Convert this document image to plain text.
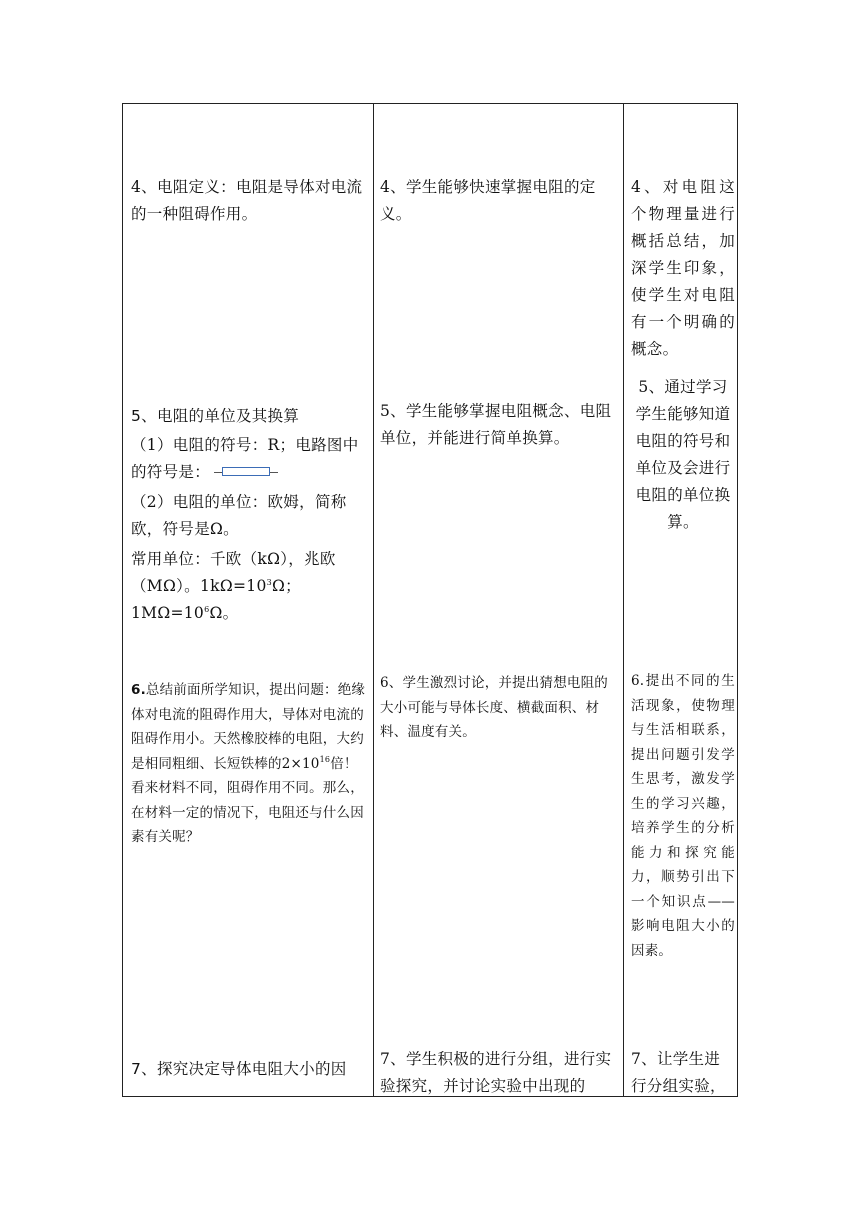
4、电阻定义：电阻是导体对电流的一种阻碍作用。

4、学生能够快速掌握电阻的定义。

4、对电阻这个物理量进行概括总结，加深学生印象，使学生对电阻有一个明确的概念。

5、电阻的单位及其换算

（1）电阻的符号：R；电路图中的符号是：

（2）电阻的单位：欧姆，简称欧，符号是Ω。

常用单位：千欧（kΩ），兆欧（MΩ）。$1k\Omega=10^3\Omega$；$1M\Omega=10^6\Omega$。

5、学生能够掌握电阻概念、电阻单位，并能进行简单换算。

5、通过学习学生能够知道电阻的符号和单位及会进行电阻的单位换算。

6.总结前面所学知识，提出问题：绝缘体对电流的阻碍作用大，导体对电流的阻碍作用小。天然橡胶棒的电阻，大约是相同粗细、长短铁棒的$2\times 10^{16}$倍！看来材料不同，阻碍作用不同。那么，在材料一定的情况下，电阻还与什么因素有关呢？

6、学生激烈讨论，并提出猜想电阻的大小可能与导体长度、横截面积、材料、温度有关。

6.提出不同的生活现象，使物理与生活相联系，提出问题引发学生思考，激发学生的学习兴趣，培养学生的分析能力和探究能力，顺势引出下一个知识点——影响电阻大小的因素。

7、探究决定导体电阻大小的因

7、学生积极的进行分组，进行实验探究，并讨论实验中出现的

7、让学生进行分组实验，
